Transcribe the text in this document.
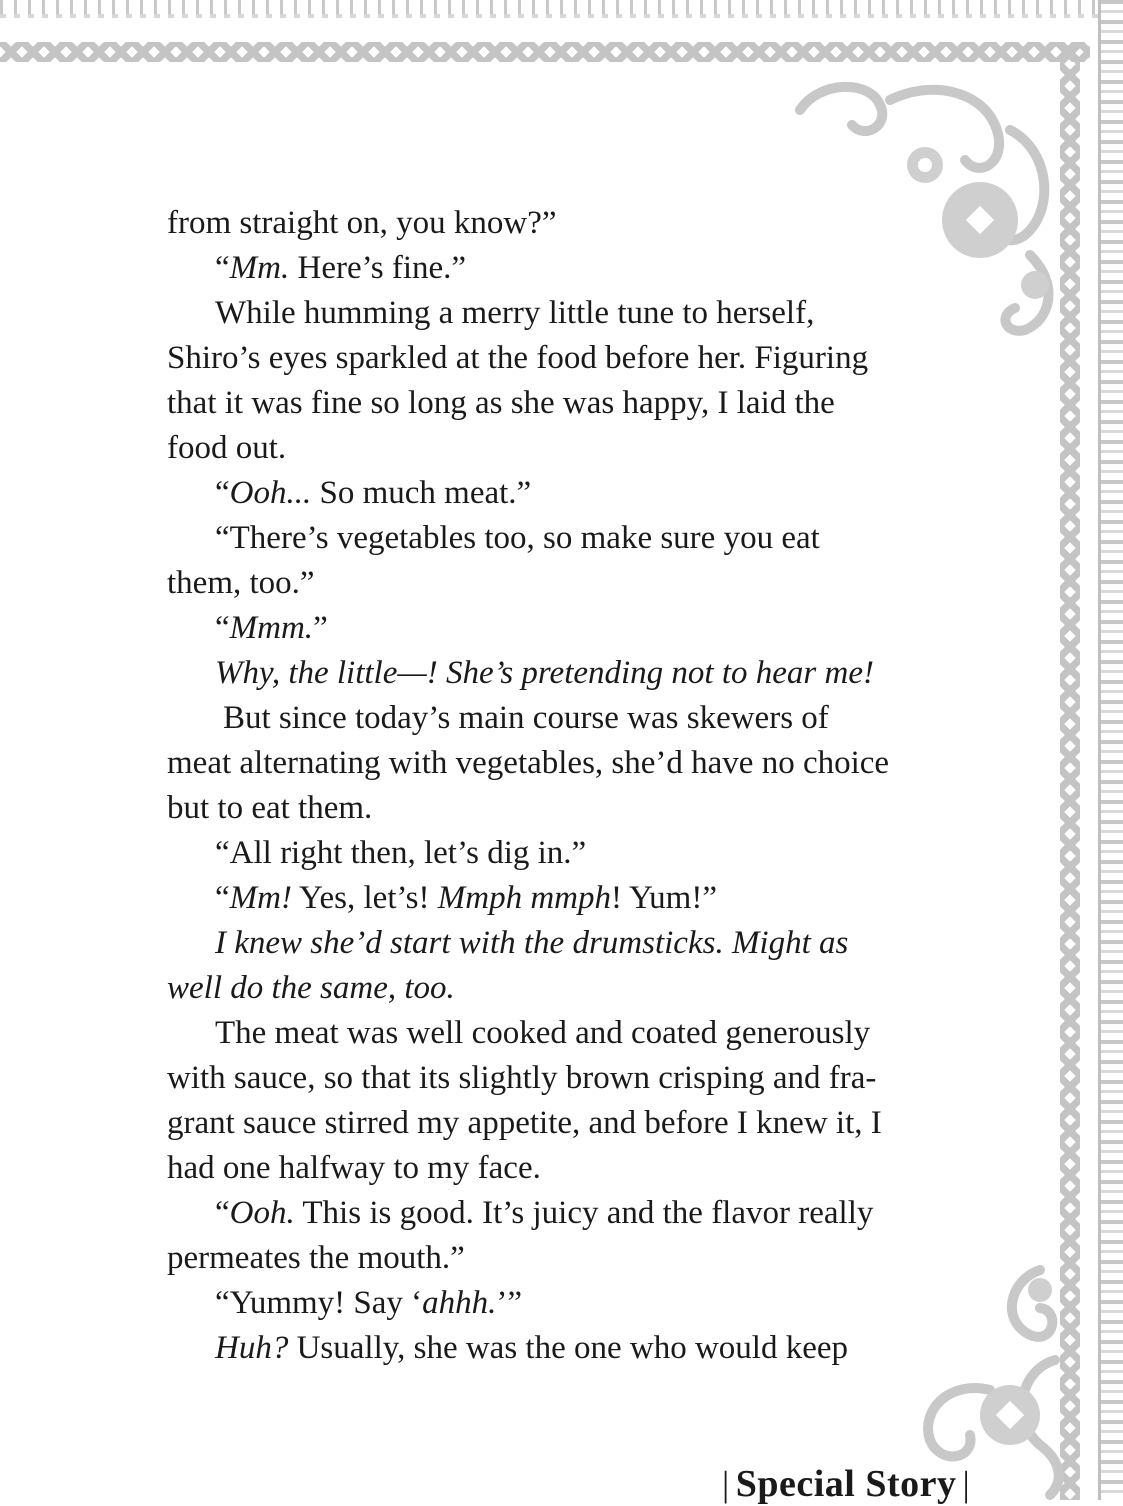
from straight on, you know?”

“Mm. Here’s fine.”

While humming a merry little tune to herself,

Shiro’s eyes sparkled at the food before her. Figuring

that it was fine so long as she was happy, I laid the

food out.

“Ooh... So much meat.”

“There’s vegetables too, so make sure you eat

them, too.”

“Mmm.”

Why, the little—! She’s pretending not to hear me!

But since today’s main course was skewers of

meat alternating with vegetables, she’d have no choice

but to eat them.

“All right then, let’s dig in.”

“Mm! Yes, let’s! Mmph mmph! Yum!”

I knew she’d start with the drumsticks. Might as

well do the same, too.

The meat was well cooked and coated generously

with sauce, so that its slightly brown crisping and fra-

grant sauce stirred my appetite, and before I knew it, I

had one halfway to my face.

“Ooh. This is good. It’s juicy and the flavor really

permeates the mouth.”

“Yummy! Say ‘ahhh.’”

Huh? Usually, she was the one who would keep

| Special Story |
